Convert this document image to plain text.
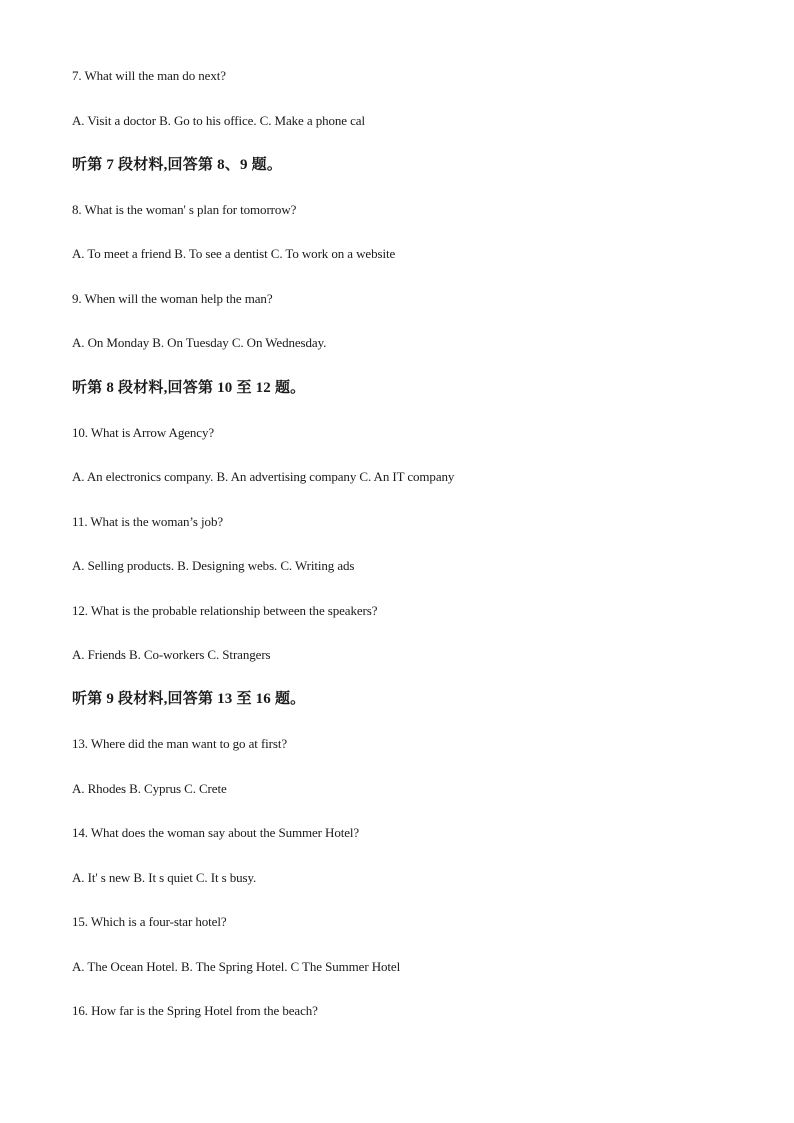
7. What will the man do next?
A. Visit a doctor B. Go to his office. C. Make a phone cal
听第 7 段材料,回答第 8、9 题。
8. What is the woman' s plan for tomorrow?
A. To meet a friend B. To see a dentist C. To work on a website
9. When will the woman help the man?
A. On Monday B. On Tuesday C. On Wednesday.
听第 8 段材料,回答第 10 至 12 题。
10. What is Arrow Agency?
A. An electronics company. B. An advertising company C. An IT company
11. What is the woman’s job?
A. Selling products. B. Designing webs. C. Writing ads
12. What is the probable relationship between the speakers?
A. Friends B. Co-workers C. Strangers
听第 9 段材料,回答第 13 至 16 题。
13. Where did the man want to go at first?
A. Rhodes B. Cyprus C. Crete
14. What does the woman say about the Summer Hotel?
A. It' s new B. It s quiet C. It s busy.
15. Which is a four-star hotel?
A. The Ocean Hotel. B. The Spring Hotel. C The Summer Hotel
16. How far is the Spring Hotel from the beach?
